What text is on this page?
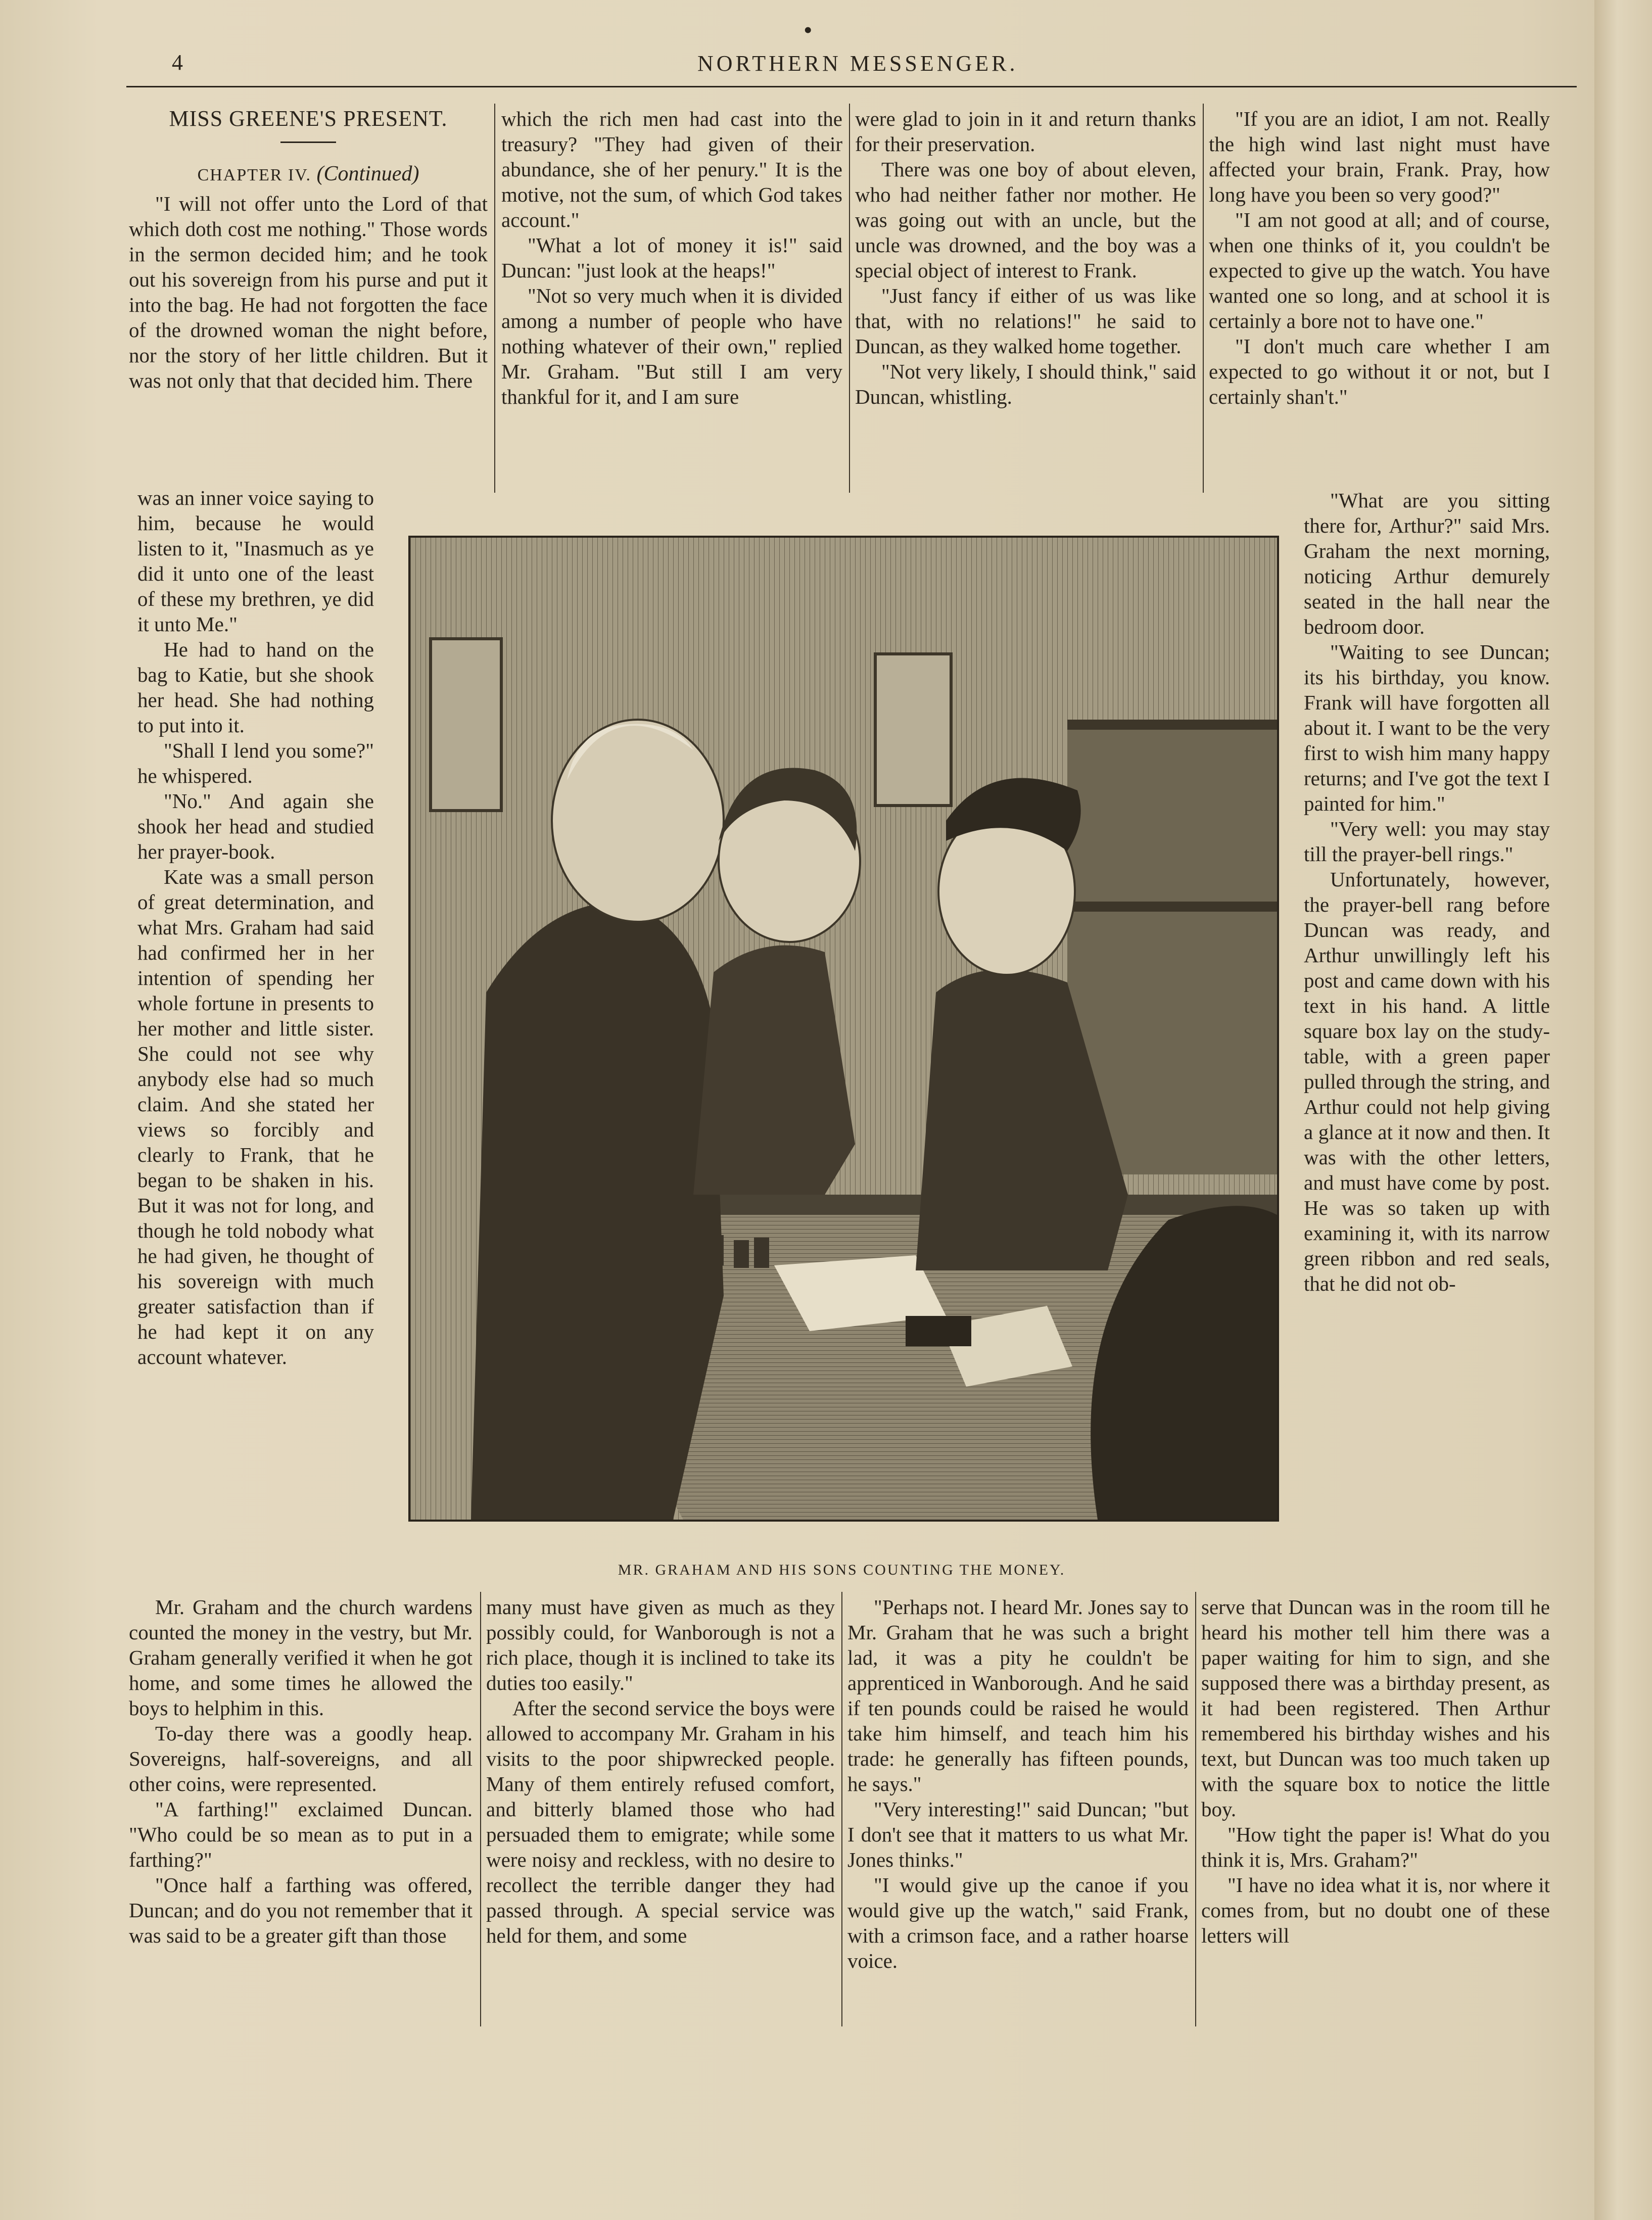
•
4	NORTHERN MESSENGER.
MISS GREENE'S PRESENT.
CHAPTER IV. (Continued)

"I will not offer unto the Lord of that which doth cost me nothing." Those words in the sermon decided him; and he took out his sovereign from his purse and put it into the bag. He had not forgotten the face of the drowned woman the night before, nor the story of her little children. But it was not only that that decided him. There

was an inner voice saying to him, because he would listen to it, "Inasmuch as ye did it unto one of the least of these my brethren, ye did it unto Me."

He had to hand on the bag to Katie, but she shook her head. She had nothing to put into it.

"Shall I lend you some?" he whispered.

"No." And again she shook her head and studied her prayer-book.

Kate was a small person of great determination, and what Mrs. Graham had said had confirmed her in her intention of spending her whole fortune in presents to her mother and little sister. She could not see why anybody else had so much claim. And she stated her views so forcibly and clearly to Frank, that he began to be shaken in his. But it was not for long, and though he told nobody what he had given, he thought of his sovereign with much greater satisfaction than if he had kept it on any account whatever.

Mr. Graham and the church wardens counted the money in the vestry, but Mr. Graham generally verified it when he got home, and some times he allowed the boys to helphim in this.

To-day there was a goodly heap. Sovereigns, half-sovereigns, and all other coins, were represented.

"A farthing!" exclaimed Duncan. "Who could be so mean as to put in a farthing?"

"Once half a farthing was offered, Duncan; and do you not remember that it was said to be a greater gift than those

which the rich men had cast into the treasury? "They had given of their abundance, she of her penury." It is the motive, not the sum, of which God takes account."

"What a lot of money it is!" said Duncan: "just look at the heaps!"

"Not so very much when it is divided among a number of people who have nothing whatever of their own," replied Mr. Graham. "But still I am very thankful for it, and I am sure

many must have given as much as they possibly could, for Wanborough is not a rich place, though it is inclined to take its duties too easily."

After the second service the boys were allowed to accompany Mr. Graham in his visits to the poor shipwrecked people. Many of them entirely refused comfort, and bitterly blamed those who had persuaded them to emigrate; while some were noisy and reckless, with no desire to recollect the terrible danger they had passed through. A special service was held for them, and some

were glad to join in it and return thanks for their preservation.

There was one boy of about eleven, who had neither father nor mother. He was going out with an uncle, but the uncle was drowned, and the boy was a special object of interest to Frank.

"Just fancy if either of us was like that, with no relations!" he said to Duncan, as they walked home together.

"Not very likely, I should think," said Duncan, whistling.

"Perhaps not. I heard Mr. Jones say to Mr. Graham that he was such a bright lad, it was a pity he couldn't be apprenticed in Wanborough. And he said if ten pounds could be raised he would take him himself, and teach him his trade: he generally has fifteen pounds, he says."

"Very interesting!" said Duncan; "but I don't see that it matters to us what Mr. Jones thinks."

"I would give up the canoe if you would give up the watch," said Frank, with a crimson face, and a rather hoarse voice.

"If you are an idiot, I am not. Really the high wind last night must have affected your brain, Frank. Pray, how long have you been so very good?"

"I am not good at all; and of course, when one thinks of it, you couldn't be expected to give up the watch. You have wanted one so long, and at school it is certainly a bore not to have one."

"I don't much care whether I am expected to go without it or not, but I certainly shan't."

"What are you sitting there for, Arthur?" said Mrs. Graham the next morning, noticing Arthur demurely seated in the hall near the bedroom door.

"Waiting to see Duncan; its his birthday, you know. Frank will have forgotten all about it. I want to be the very first to wish him many happy returns; and I've got the text I painted for him."

"Very well: you may stay till the prayer-bell rings."

Unfortunately, however, the prayer-bell rang before Duncan was ready, and Arthur unwillingly left his post and came down with his text in his hand. A little square box lay on the study-table, with a green paper pulled through the string, and Arthur could not help giving a glance at it now and then. It was with the other letters, and must have come by post. He was so taken up with examining it, with its narrow green ribbon and red seals, that he did not ob-

serve that Duncan was in the room till he heard his mother tell him there was a paper waiting for him to sign, and she supposed there was a birthday present, as it had been registered. Then Arthur remembered his birthday wishes and his text, but Duncan was too much taken up with the square box to notice the little boy.

"How tight the paper is! What do you think it is, Mrs. Graham?"

"I have no idea what it is, nor where it comes from, but no doubt one of these letters will

MR. GRAHAM AND HIS SONS COUNTING THE MONEY.
